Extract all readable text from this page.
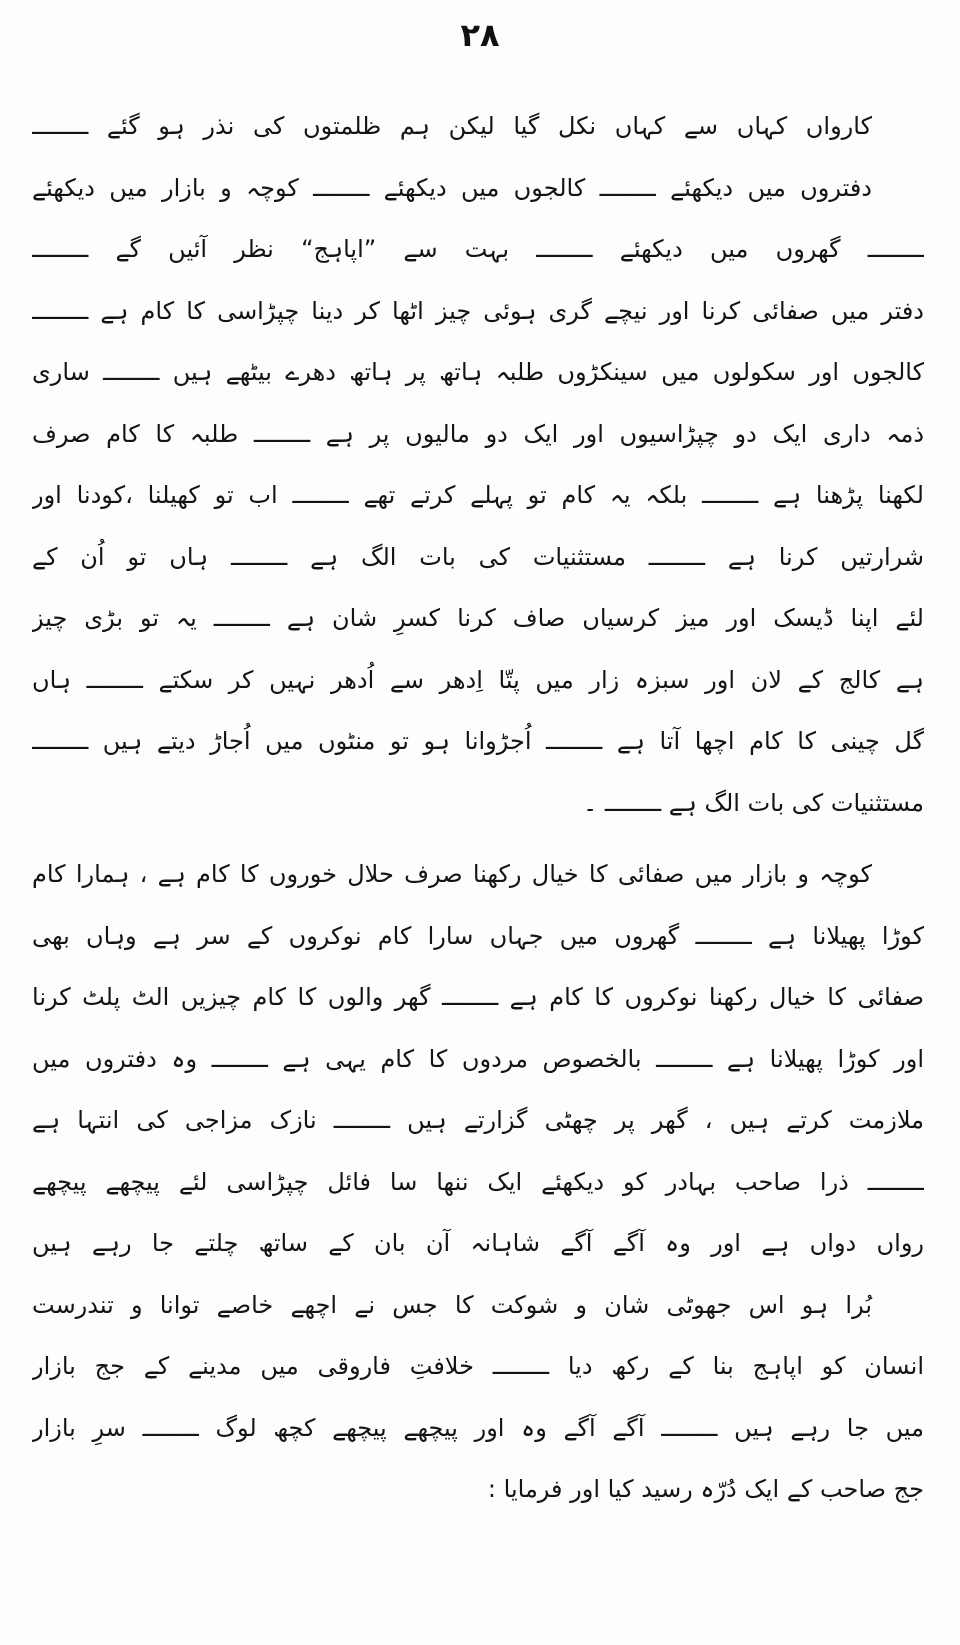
۲۸
کارواں کہاں سے کہاں نکل گیا لیکن ہم ظلمتوں کی نذر ہو گئے ــــــــ
دفتروں میں دیکھئے ــــــــ کالجوں میں دیکھئے ــــــــ کوچہ و بازار میں دیکھئے
ــــــــ گھروں میں دیکھئے ــــــــ بہت سے ”اپاہج“ نظر آئیں گے ــــــــ
دفتر میں صفائی کرنا اور نیچے گری ہوئی چیز اٹھا کر دینا چپڑاسی کا کام ہے ــــــــ
کالجوں اور سکولوں میں سینکڑوں طلبہ ہاتھ پر ہاتھ دھرے بیٹھے ہیں ــــــــ ساری
ذمہ داری ایک دو چپڑاسیوں اور ایک دو مالیوں پر ہے ــــــــ طلبہ کا کام صرف
لکھنا پڑھنا ہے ــــــــ بلکہ یہ کام تو پہلے کرتے تھے ــــــــ اب تو کھیلنا ،کودنا اور
شرارتیں کرنا ہے ــــــــ مستثنیات کی بات الگ ہے ــــــــ ہاں تو اُن کے
لئے اپنا ڈیسک اور میز کرسیاں صاف کرنا کسرِ شان ہے ــــــــ یہ تو بڑی چیز
ہے کالج کے لان اور سبزہ زار میں پتّا اِدھر سے اُدھر نہیں کر سکتے ــــــــ ہاں
گل چینی کا کام اچھا آتا ہے ــــــــ اُجڑوانا ہو تو منٹوں میں اُجاڑ دیتے ہیں ــــــــ
مستثنیات کی بات الگ ہے ــــــــ ۔
کوچہ و بازار میں صفائی کا خیال رکھنا صرف حلال خوروں کا کام ہے ، ہمارا کام
کوڑا پھیلانا ہے ــــــــ گھروں میں جہاں سارا کام نوکروں کے سر ہے وہاں بھی
صفائی کا خیال رکھنا نوکروں کا کام ہے ــــــــ گھر والوں کا کام چیزیں الٹ پلٹ کرنا
اور کوڑا پھیلانا ہے ــــــــ بالخصوص مردوں کا کام یہی ہے ــــــــ وہ دفتروں میں
ملازمت کرتے ہیں ، گھر پر چھٹی گزارتے ہیں ــــــــ نازک مزاجی کی انتہا ہے
ــــــــ ذرا صاحب بہادر کو دیکھئے ایک ننھا سا فائل چپڑاسی لئے پیچھے پیچھے
رواں دواں ہے اور وہ آگے آگے شاہانہ آن بان کے ساتھ چلتے جا رہے ہیں
بُرا ہو اس جھوٹی شان و شوکت کا جس نے اچھے خاصے توانا و تندرست
انسان کو اپاہج بنا کے رکھ دیا ــــــــ خلافتِ فاروقی میں مدینے کے جج بازار
میں جا رہے ہیں ــــــــ آگے آگے وہ اور پیچھے پیچھے کچھ لوگ ــــــــ سرِ بازار
جج صاحب کے ایک دُرّہ رسید کیا اور فرمایا :
